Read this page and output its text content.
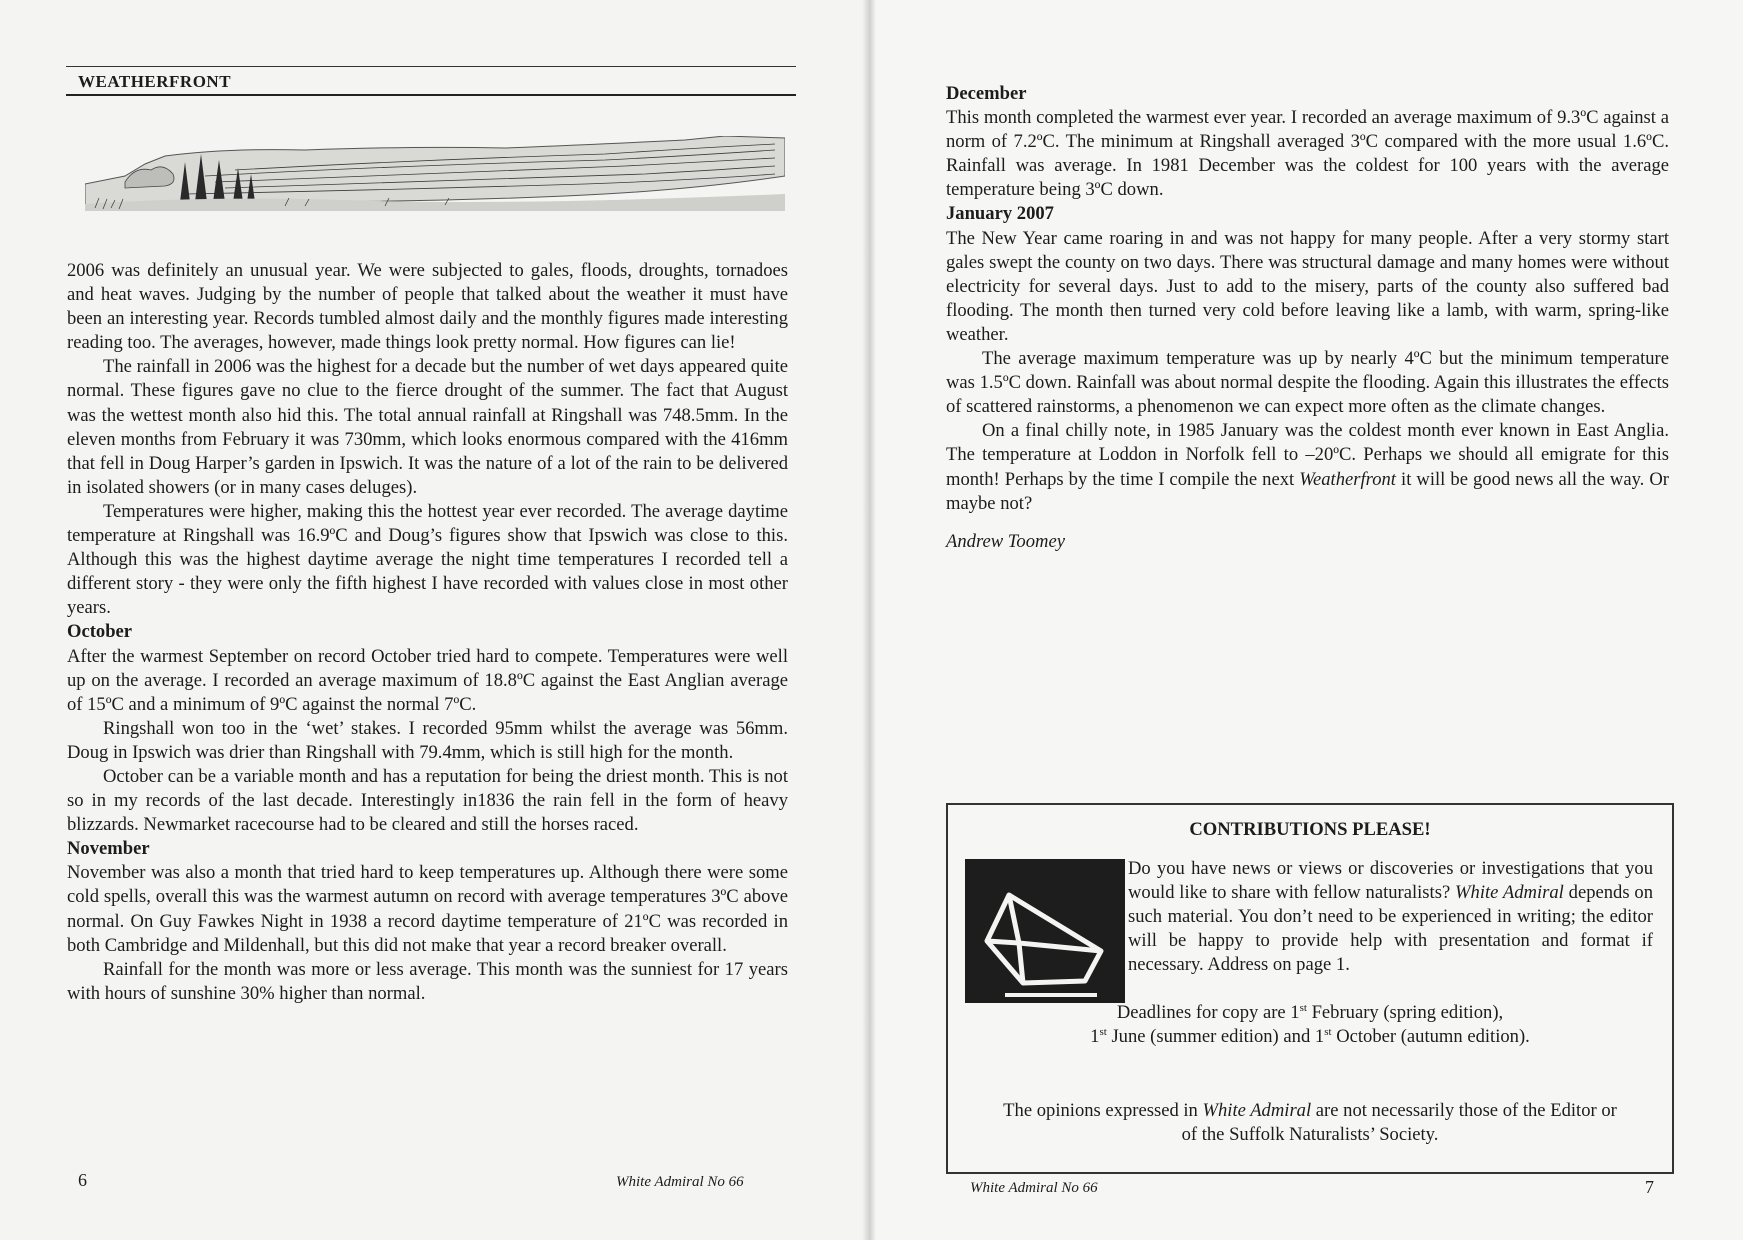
WEATHERFRONT

2006 was definitely an unusual year. We were subjected to gales, floods, droughts, tornadoes and heat waves. Judging by the number of people that talked about the weather it must have been an interesting year. Records tumbled almost daily and the monthly figures made interesting reading too. The averages, however, made things look pretty normal. How figures can lie!

The rainfall in 2006 was the highest for a decade but the number of wet days appeared quite normal. These figures gave no clue to the fierce drought of the summer. The fact that August was the wettest month also hid this. The total annual rainfall at Ringshall was 748.5mm. In the eleven months from February it was 730mm, which looks enormous compared with the 416mm that fell in Doug Harper’s garden in Ipswich. It was the nature of a lot of the rain to be delivered in isolated showers (or in many cases deluges).

Temperatures were higher, making this the hottest year ever recorded. The average daytime temperature at Ringshall was 16.9ºC and Doug’s figures show that Ipswich was close to this. Although this was the highest daytime average the night time temperatures I recorded tell a different story - they were only the fifth highest I have recorded with values close in most other years.

October

After the warmest September on record October tried hard to compete. Temperatures were well up on the average. I recorded an average maximum of 18.8ºC against the East Anglian average of 15ºC and a minimum of 9ºC against the normal 7ºC.

Ringshall won too in the ‘wet’ stakes. I recorded 95mm whilst the average was 56mm. Doug in Ipswich was drier than Ringshall with 79.4mm, which is still high for the month.

October can be a variable month and has a reputation for being the driest month. This is not so in my records of the last decade. Interestingly in1836 the rain fell in the form of heavy blizzards. Newmarket racecourse had to be cleared and still the horses raced.

November

November was also a month that tried hard to keep temperatures up. Although there were some cold spells, overall this was the warmest autumn on record with average temperatures 3ºC above normal. On Guy Fawkes Night in 1938 a record daytime temperature of 21ºC was recorded in both Cambridge and Mildenhall, but this did not make that year a record breaker overall.

Rainfall for the month was more or less average. This month was the sunniest for 17 years with hours of sunshine 30% higher than normal.

6	White Admiral No 66

December

This month completed the warmest ever year. I recorded an average maximum of 9.3ºC against a norm of 7.2ºC. The minimum at Ringshall averaged 3ºC compared with the more usual 1.6ºC. Rainfall was average. In 1981 December was the coldest for 100 years with the average temperature being 3ºC down.

January 2007

The New Year came roaring in and was not happy for many people. After a very stormy start gales swept the county on two days. There was structural damage and many homes were without electricity for several days. Just to add to the misery, parts of the county also suffered bad flooding. The month then turned very cold before leaving like a lamb, with warm, spring-like weather.

The average maximum temperature was up by nearly 4ºC but the minimum temperature was 1.5ºC down. Rainfall was about normal despite the flooding. Again this illustrates the effects of scattered rainstorms, a phenomenon we can expect more often as the climate changes.

On a final chilly note, in 1985 January was the coldest month ever known in East Anglia. The temperature at Loddon in Norfolk fell to –20ºC. Perhaps we should all emigrate for this month! Perhaps by the time I compile the next Weatherfront it will be good news all the way. Or maybe not?

Andrew Toomey

CONTRIBUTIONS PLEASE!
Do you have news or views or discoveries or investigations that you would like to share with fellow naturalists? White Admiral depends on such material. You don’t need to be experienced in writing; the editor will be happy to provide help with presentation and format if necessary. Address on page 1.
Deadlines for copy are 1st February (spring edition),
1st June (summer edition) and 1st October (autumn edition).
The opinions expressed in White Admiral are not necessarily those of the Editor or
of the Suffolk Naturalists’ Society.
White Admiral No 66	7
